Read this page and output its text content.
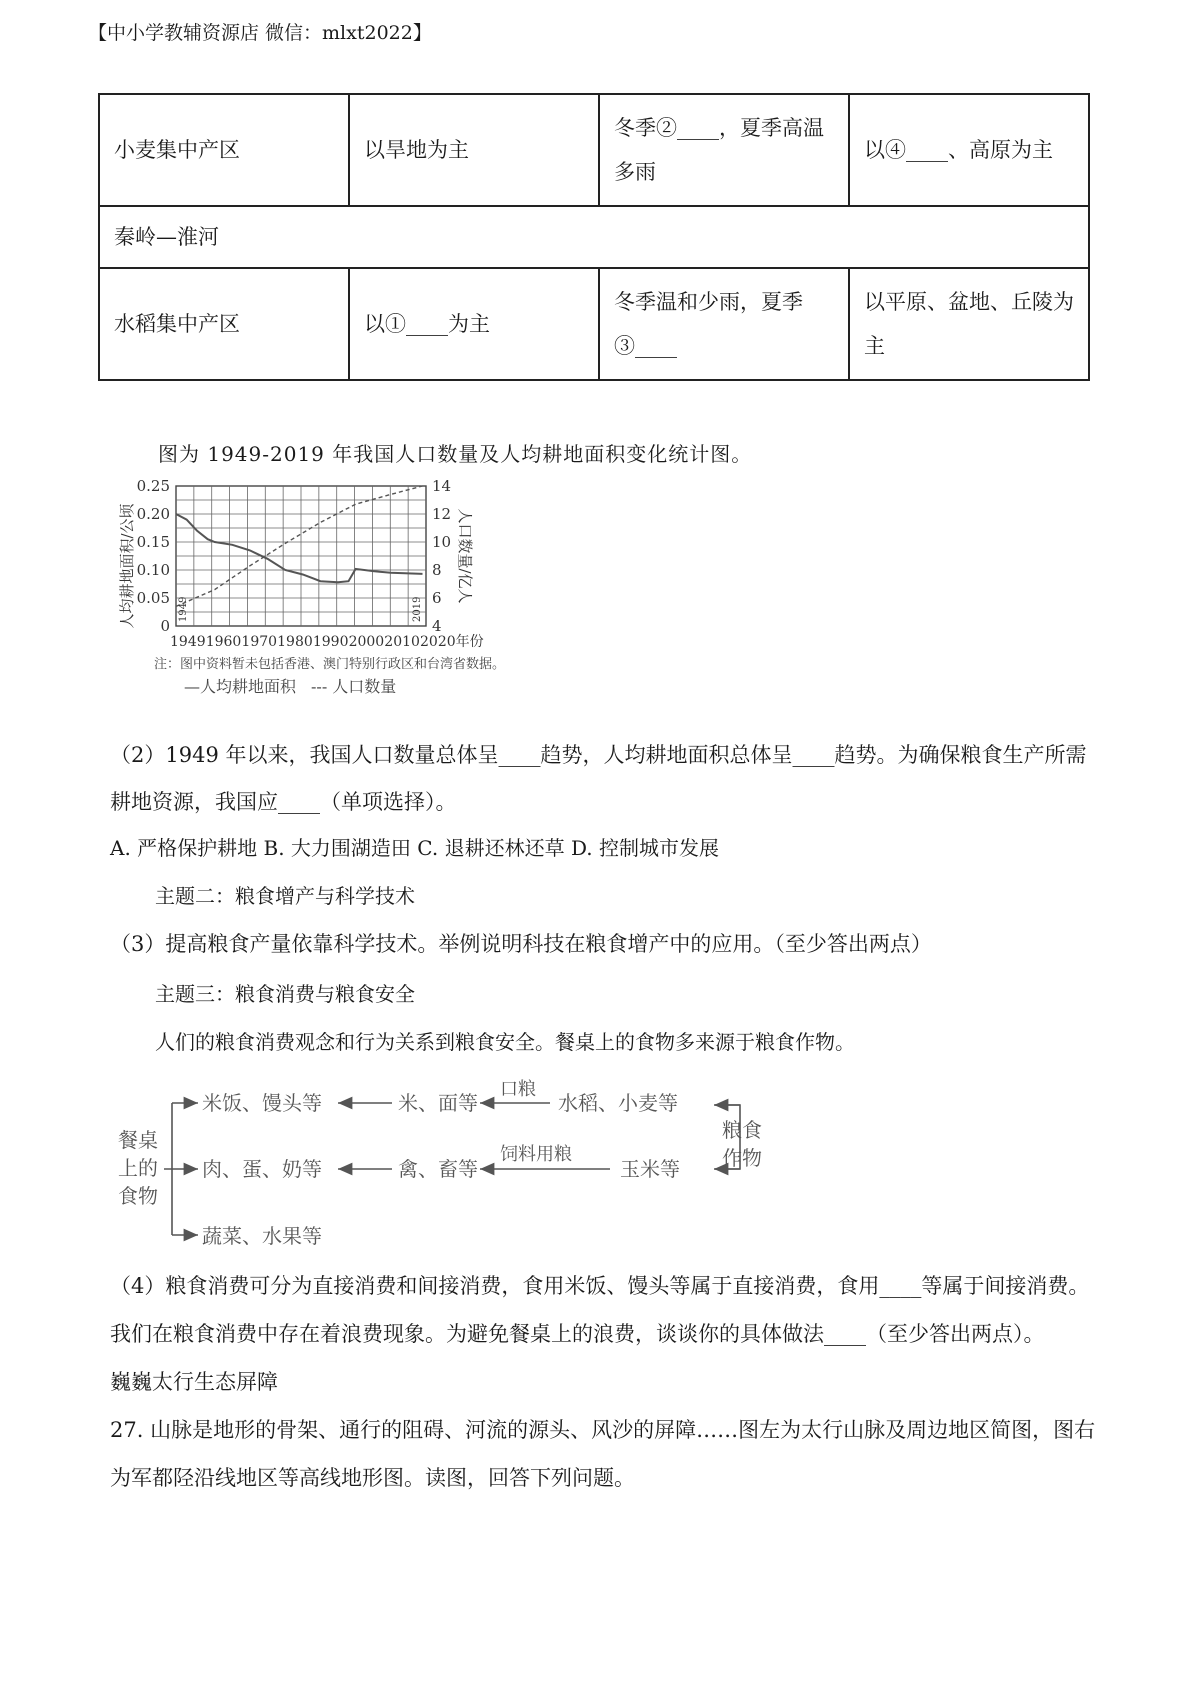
【中小学教辅资源店 微信：mlxt2022】
小麦集中产区	以旱地为主	冬季②____，夏季高温多雨	以④____、高原为主
秦岭—淮河			
水稻集中产区	以①____为主	冬季温和少雨，夏季③____	以平原、盆地、丘陵为主
图为 1949-2019 年我国人口数量及人均耕地面积变化统计图。
0
0.05
0.10
0.15
0.20
0.25
4
6
8
10
12
14
1949 1960 1970 1980 1990 2000 2010 2020年份
人均耕地面积/公顷	人口数量/亿人
1949	2019
注：图中资料暂未包括香港、澳门特别行政区和台湾省数据。
—人均耕地面积 --- 人口数量
（2）1949 年以来，我国人口数量总体呈____趋势，人均耕地面积总体呈____趋势。为确保粮食生产所需
耕地资源，我国应____（单项选择）。
A. 严格保护耕地 B. 大力围湖造田 C. 退耕还林还草 D. 控制城市发展
主题二：粮食增产与科学技术
（3）提高粮食产量依靠科学技术。举例说明科技在粮食增产中的应用。（至少答出两点）
主题三：粮食消费与粮食安全
人们的粮食消费观念和行为关系到粮食安全。餐桌上的食物多来源于粮食作物。
餐桌
上的
食物
米饭、馒头等	米、面等
口粮
水稻、小麦等
肉、蛋、奶等	禽、畜等
饲料用粮
玉米等
蔬菜、水果等
粮食
作物
（4）粮食消费可分为直接消费和间接消费，食用米饭、馒头等属于直接消费，食用____等属于间接消费。
我们在粮食消费中存在着浪费现象。为避免餐桌上的浪费，谈谈你的具体做法____（至少答出两点）。
巍巍太行生态屏障
27. 山脉是地形的骨架、通行的阻碍、河流的源头、风沙的屏障……图左为太行山脉及周边地区简图，图右
为军都陉沿线地区等高线地形图。读图，回答下列问题。
